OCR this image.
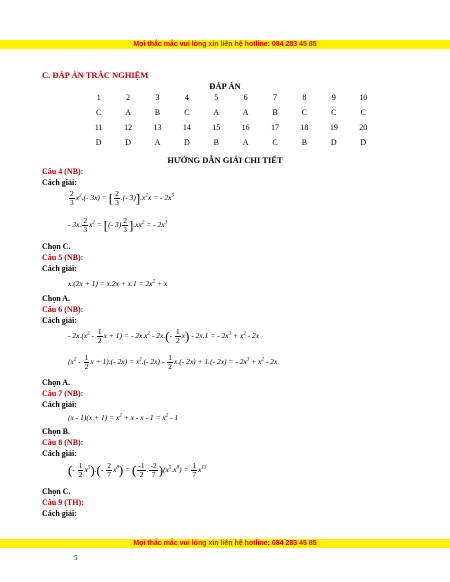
Mọi thắc mắc vui lòng xin liên hệ hotline: 084 283 45 85
C. ĐÁP ÁN TRẮC NGHIỆM
ĐÁP ÁN
1	2	3	4	5	6	7	8	9	10
C	A	B	C	A	A	B	C	C	C
11	12	13	14	15	16	17	18	19	20
D	D	A	D	B	A	C	B	D	D
HƯỚNG DẪN GIẢI CHI TIẾT
Câu 4 (NB):
Cách giải:
$\frac{2}{3} x^2.(-$ 3x) = [ $\frac{2}{3}$ .(- $3)].x^2x$ = - $2x^3$
- 3x. $\frac{2}{3} x^2$ = [(- $3) \frac{2}{3} ].xx^2$ = - $2x^3$
Chọn C.
Câu 5 (NB):
Cách giải:
$x.(2x + 1) = x.2x + x.1 = 2x^2 + x$
Chọn A.
Câu 6 (NB):
Cách giải:
- $2x.(x^2 - \frac{1}{2}$ x + 1) = - $2x.x^2 - 2x.(- \frac{1}{2} x) - 2x.1$ = - $2x^3 + x^2 - 2x$
($x^2 - \frac{1}{2}$ x + 1).(- $2x) = x^2.(-$ $2x) - \frac{1}{2} x.(-$ 2x) + 1.(- 2x) = - $2x^3 + x^2 - 2x$
Chọn A.
Câu 7 (NB):
Cách giải:
$(x - 1)(x + 1) = x^2 + x - x - 1 = x^2 - 1$
Chọn B.
Câu 8 (NB):
Cách giải:
(- $\frac{1}{2} x^5).(- \frac{2}{7} x^8)$ = ( $\frac{-1}{2}$ . $\frac{-2}{7} )(x^5.x^8) = \frac{1}{7} x^{13}$
Chọn C.
Câu 9 (TH):
Cách giải:
Mọi thắc mắc vui lòng xin liên hệ hotline: 084 283 45 85
5
